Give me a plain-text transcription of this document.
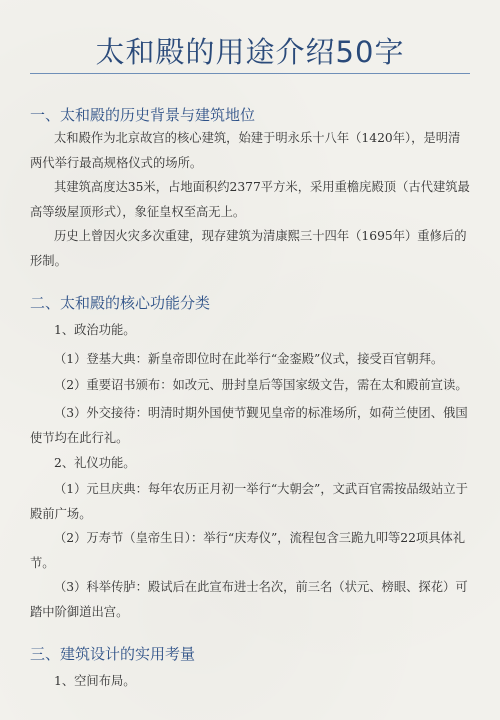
太和殿的用途介绍50字
一、太和殿的历史背景与建筑地位
太和殿作为北京故宫的核心建筑，始建于明永乐十八年（1420年），是明清两代举行最高规格仪式的场所。
其建筑高度达35米，占地面积约2377平方米，采用重檐庑殿顶（古代建筑最高等级屋顶形式），象征皇权至高无上。
历史上曾因火灾多次重建，现存建筑为清康熙三十四年（1695年）重修后的形制。
二、太和殿的核心功能分类
1、政治功能。
（1）登基大典：新皇帝即位时在此举行“金銮殿”仪式，接受百官朝拜。
（2）重要诏书颁布：如改元、册封皇后等国家级文告，需在太和殿前宣读。
（3）外交接待：明清时期外国使节觐见皇帝的标准场所，如荷兰使团、俄国使节均在此行礼。
2、礼仪功能。
（1）元旦庆典：每年农历正月初一举行“大朝会”，文武百官需按品级站立于殿前广场。
（2）万寿节（皇帝生日）：举行“庆寿仪”，流程包含三跪九叩等22项具体礼节。
（3）科举传胪：殿试后在此宣布进士名次，前三名（状元、榜眼、探花）可踏中阶御道出宫。
三、建筑设计的实用考量
1、空间布局。
